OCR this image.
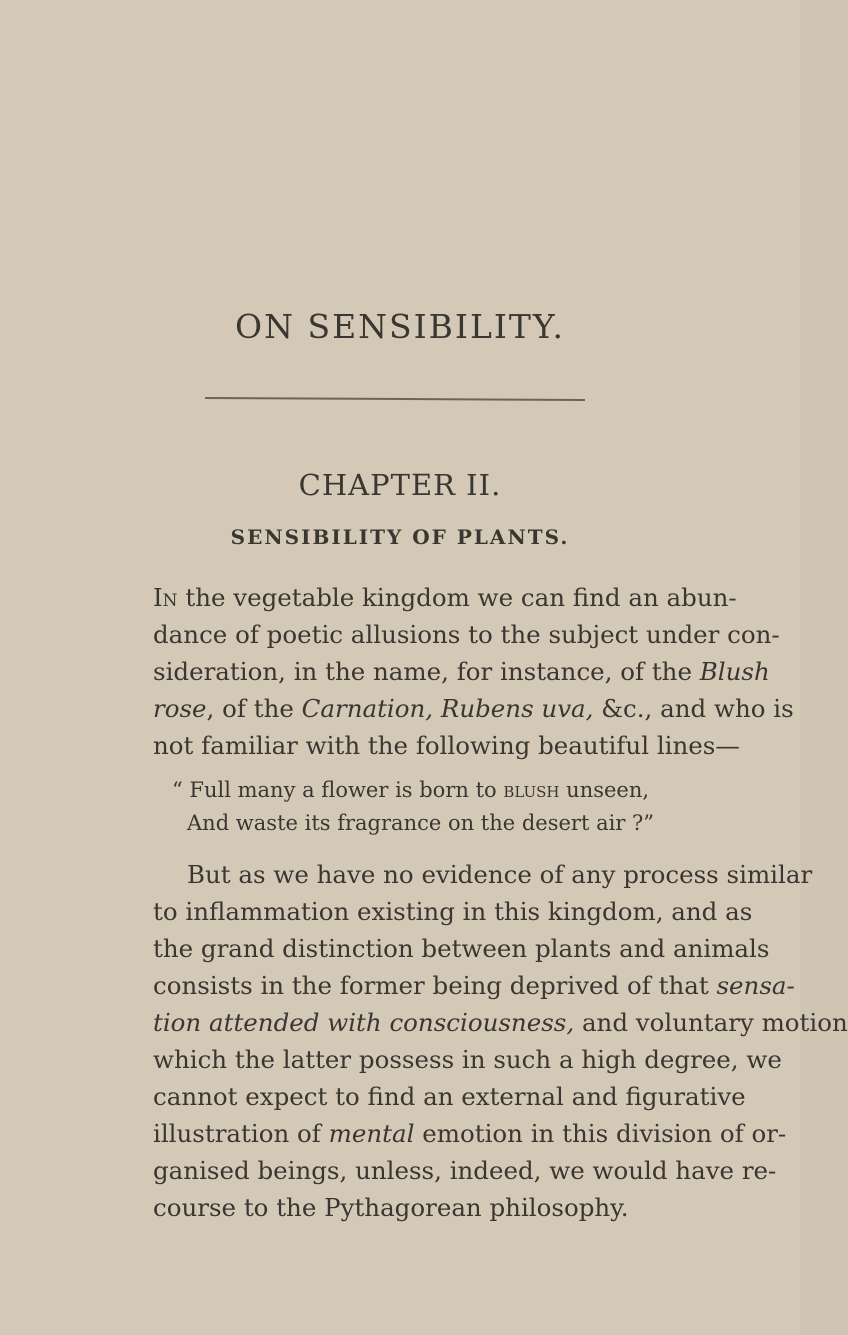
ON SENSIBILITY.
CHAPTER II.
SENSIBILITY OF PLANTS.

In the vegetable kingdom we can find an abun-

dance of poetic allusions to the subject under con-

sideration, in the name, for instance, of the Blush

rose, of the Carnation, Rubens uva, &c., and who is

not familiar with the following beautiful lines—

“ Full many a flower is born to blush unseen,

And waste its fragrance on the desert air ?”

But as we have no evidence of any process similar

to inflammation existing in this kingdom, and as

the grand distinction between plants and animals

consists in the former being deprived of that sensa-

tion attended with consciousness, and voluntary motion

which the latter possess in such a high degree, we

cannot expect to find an external and figurative

illustration of mental emotion in this division of or-

ganised beings, unless, indeed, we would have re-

course to the Pythagorean philosophy.
